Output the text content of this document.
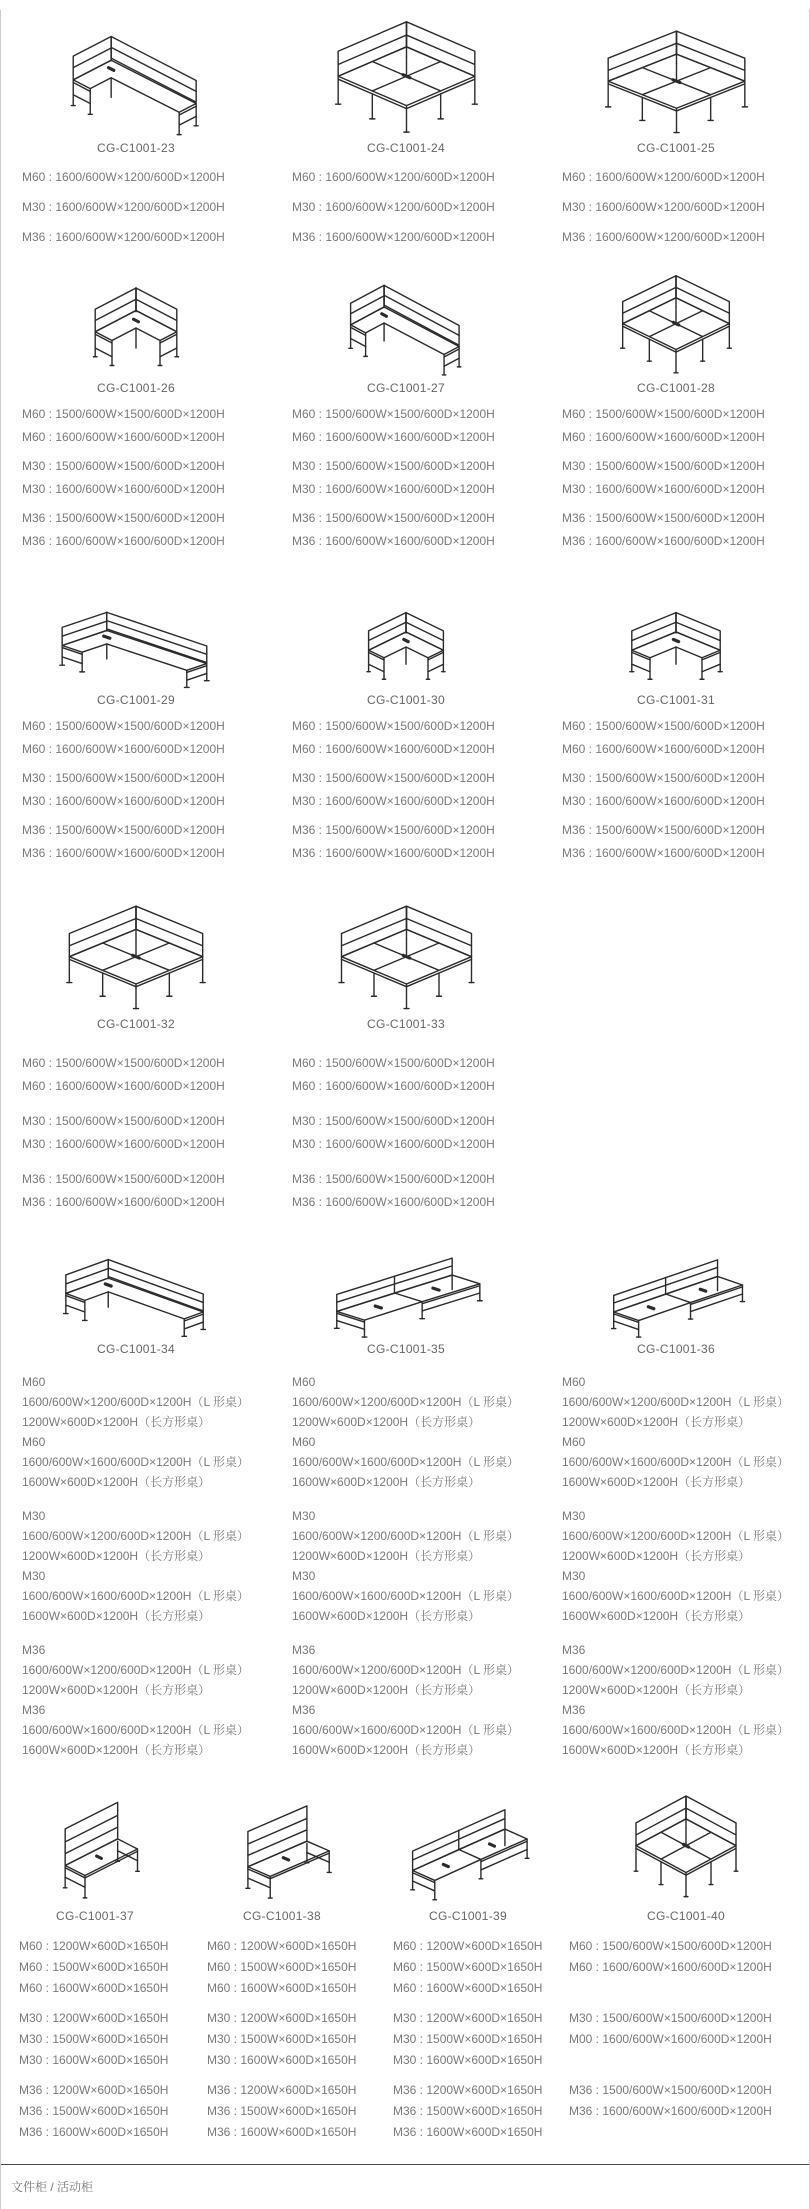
CG-C1001-23

M60 : 1600/600W×1200/600D×1200H

M30 : 1600/600W×1200/600D×1200H

M36 : 1600/600W×1200/600D×1200H

CG-C1001-24

M60 : 1600/600W×1200/600D×1200H

M30 : 1600/600W×1200/600D×1200H

M36 : 1600/600W×1200/600D×1200H

CG-C1001-25

M60 : 1600/600W×1200/600D×1200H

M30 : 1600/600W×1200/600D×1200H

M36 : 1600/600W×1200/600D×1200H

CG-C1001-26

M60 : 1500/600W×1500/600D×1200H

M60 : 1600/600W×1600/600D×1200H

M30 : 1500/600W×1500/600D×1200H

M30 : 1600/600W×1600/600D×1200H

M36 : 1500/600W×1500/600D×1200H

M36 : 1600/600W×1600/600D×1200H

CG-C1001-27

M60 : 1500/600W×1500/600D×1200H

M60 : 1600/600W×1600/600D×1200H

M30 : 1500/600W×1500/600D×1200H

M30 : 1600/600W×1600/600D×1200H

M36 : 1500/600W×1500/600D×1200H

M36 : 1600/600W×1600/600D×1200H

CG-C1001-28

M60 : 1500/600W×1500/600D×1200H

M60 : 1600/600W×1600/600D×1200H

M30 : 1500/600W×1500/600D×1200H

M30 : 1600/600W×1600/600D×1200H

M36 : 1500/600W×1500/600D×1200H

M36 : 1600/600W×1600/600D×1200H

CG-C1001-29

M60 : 1500/600W×1500/600D×1200H

M60 : 1600/600W×1600/600D×1200H

M30 : 1500/600W×1500/600D×1200H

M30 : 1600/600W×1600/600D×1200H

M36 : 1500/600W×1500/600D×1200H

M36 : 1600/600W×1600/600D×1200H

CG-C1001-30

M60 : 1500/600W×1500/600D×1200H

M60 : 1600/600W×1600/600D×1200H

M30 : 1500/600W×1500/600D×1200H

M30 : 1600/600W×1600/600D×1200H

M36 : 1500/600W×1500/600D×1200H

M36 : 1600/600W×1600/600D×1200H

CG-C1001-31

M60 : 1500/600W×1500/600D×1200H

M60 : 1600/600W×1600/600D×1200H

M30 : 1500/600W×1500/600D×1200H

M30 : 1600/600W×1600/600D×1200H

M36 : 1500/600W×1500/600D×1200H

M36 : 1600/600W×1600/600D×1200H

CG-C1001-32

M60 : 1500/600W×1500/600D×1200H

M60 : 1600/600W×1600/600D×1200H

M30 : 1500/600W×1500/600D×1200H

M30 : 1600/600W×1600/600D×1200H

M36 : 1500/600W×1500/600D×1200H

M36 : 1600/600W×1600/600D×1200H

CG-C1001-33

M60 : 1500/600W×1500/600D×1200H

M60 : 1600/600W×1600/600D×1200H

M30 : 1500/600W×1500/600D×1200H

M30 : 1600/600W×1600/600D×1200H

M36 : 1500/600W×1500/600D×1200H

M36 : 1600/600W×1600/600D×1200H

CG-C1001-34

M60

1600/600W×1200/600D×1200H（L 形桌）

1200W×600D×1200H（长方形桌）

M60

1600/600W×1600/600D×1200H（L 形桌）

1600W×600D×1200H（长方形桌）

M30

1600/600W×1200/600D×1200H（L 形桌）

1200W×600D×1200H（长方形桌）

M30

1600/600W×1600/600D×1200H（L 形桌）

1600W×600D×1200H（长方形桌）

M36

1600/600W×1200/600D×1200H（L 形桌）

1200W×600D×1200H（长方形桌）

M36

1600/600W×1600/600D×1200H（L 形桌）

1600W×600D×1200H（长方形桌）

CG-C1001-35

M60

1600/600W×1200/600D×1200H（L 形桌）

1200W×600D×1200H（长方形桌）

M60

1600/600W×1600/600D×1200H（L 形桌）

1600W×600D×1200H（长方形桌）

M30

1600/600W×1200/600D×1200H（L 形桌）

1200W×600D×1200H（长方形桌）

M30

1600/600W×1600/600D×1200H（L 形桌）

1600W×600D×1200H（长方形桌）

M36

1600/600W×1200/600D×1200H（L 形桌）

1200W×600D×1200H（长方形桌）

M36

1600/600W×1600/600D×1200H（L 形桌）

1600W×600D×1200H（长方形桌）

CG-C1001-36

M60

1600/600W×1200/600D×1200H（L 形桌）

1200W×600D×1200H（长方形桌）

M60

1600/600W×1600/600D×1200H（L 形桌）

1600W×600D×1200H（长方形桌）

M30

1600/600W×1200/600D×1200H（L 形桌）

1200W×600D×1200H（长方形桌）

M30

1600/600W×1600/600D×1200H（L 形桌）

1600W×600D×1200H（长方形桌）

M36

1600/600W×1200/600D×1200H（L 形桌）

1200W×600D×1200H（长方形桌）

M36

1600/600W×1600/600D×1200H（L 形桌）

1600W×600D×1200H（长方形桌）

CG-C1001-37

M60 : 1200W×600D×1650H

M60 : 1500W×600D×1650H

M60 : 1600W×600D×1650H

M30 : 1200W×600D×1650H

M30 : 1500W×600D×1650H

M30 : 1600W×600D×1650H

M36 : 1200W×600D×1650H

M36 : 1500W×600D×1650H

M36 : 1600W×600D×1650H

CG-C1001-38

M60 : 1200W×600D×1650H

M60 : 1500W×600D×1650H

M60 : 1600W×600D×1650H

M30 : 1200W×600D×1650H

M30 : 1500W×600D×1650H

M30 : 1600W×600D×1650H

M36 : 1200W×600D×1650H

M36 : 1500W×600D×1650H

M36 : 1600W×600D×1650H

CG-C1001-39

M60 : 1200W×600D×1650H

M60 : 1500W×600D×1650H

M60 : 1600W×600D×1650H

M30 : 1200W×600D×1650H

M30 : 1500W×600D×1650H

M30 : 1600W×600D×1650H

M36 : 1200W×600D×1650H

M36 : 1500W×600D×1650H

M36 : 1600W×600D×1650H

CG-C1001-40

M60 : 1500/600W×1500/600D×1200H

M60 : 1600/600W×1600/600D×1200H

M30 : 1500/600W×1500/600D×1200H

M00 : 1600/600W×1600/600D×1200H

M36 : 1500/600W×1500/600D×1200H

M36 : 1600/600W×1600/600D×1200H

文件柜 / 活动柜
